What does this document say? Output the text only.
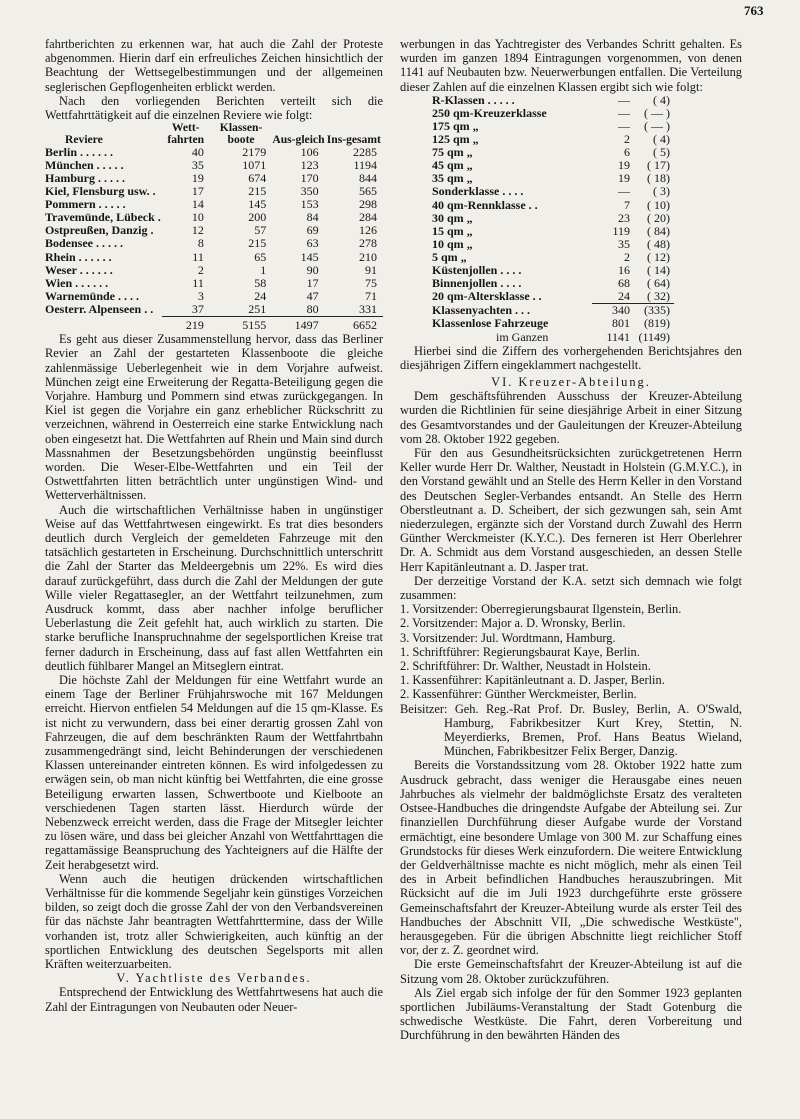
763

fahrtberichten zu erkennen war, hat auch die Zahl der Proteste abgenommen. Hierin darf ein erfreuliches Zeichen hinsichtlich der Beachtung der Wettsegelbestimmungen und der allgemeinen seglerischen Gepflogenheiten erblickt werden.

Nach den vorliegenden Berichten verteilt sich die Wettfahrttätigkeit auf die einzelnen Reviere wie folgt:

Reviere	Wett-fahrten	Klassen-boote	Aus-gleich	Ins-gesamt
Berlin . . . . . .	40	2179	106	2285
München . . . . .	35	1071	123	1194
Hamburg . . . . .	19	674	170	844
Kiel, Flensburg usw. .	17	215	350	565
Pommern . . . . .	14	145	153	298
Travemünde, Lübeck .	10	200	84	284
Ostpreußen, Danzig .	12	57	69	126
Bodensee . . . . .	8	215	63	278
Rhein . . . . . .	11	65	145	210
Weser . . . . . .	2	1	90	91
Wien . . . . . .	11	58	17	75
Warnemünde . . . .	3	24	47	71
Oesterr. Alpenseen . .	37	251	80	331
	219	5155	1497	6652

Es geht aus dieser Zusammenstellung hervor, dass das Berliner Revier an Zahl der gestarteten Klassenboote die gleiche zahlenmässige Ueberlegenheit wie in dem Vorjahre aufweist. München zeigt eine Erweiterung der Regatta-Beteiligung gegen die Vorjahre. Hamburg und Pommern sind etwas zurückgegangen. In Kiel ist gegen die Vorjahre ein ganz erheblicher Rückschritt zu verzeichnen, während in Oesterreich eine starke Entwicklung nach oben eingesetzt hat. Die Wettfahrten auf Rhein und Main sind durch Massnahmen der Besetzungsbehörden ungünstig beeinflusst worden. Die Weser-Elbe-Wettfahrten und ein Teil der Ostwettfahrten litten beträchtlich unter ungünstigen Wind- und Wetterverhältnissen.

Auch die wirtschaftlichen Verhältnisse haben in ungünstiger Weise auf das Wettfahrtwesen eingewirkt. Es trat dies besonders deutlich durch Vergleich der gemeldeten Fahrzeuge mit den tatsächlich gestarteten in Erscheinung. Durchschnittlich unterschritt die Zahl der Starter das Meldeergebnis um 22%. Es wird dies darauf zurückgeführt, dass durch die Zahl der Meldungen der gute Wille vieler Regattasegler, an der Wettfahrt teilzunehmen, zum Ausdruck kommt, dass aber nachher infolge beruflicher Ueberlastung die Zeit gefehlt hat, auch wirklich zu starten. Die starke berufliche Inanspruchnahme der segelsportlichen Kreise trat ferner dadurch in Erscheinung, dass auf fast allen Wettfahrten ein deutlich fühlbarer Mangel an Mitseglern eintrat.

Die höchste Zahl der Meldungen für eine Wettfahrt wurde an einem Tage der Berliner Frühjahrswoche mit 167 Meldungen erreicht. Hiervon entfielen 54 Meldungen auf die 15 qm-Klasse. Es ist nicht zu verwundern, dass bei einer derartig grossen Zahl von Fahrzeugen, die auf dem beschränkten Raum der Wettfahrtbahn zusammengedrängt sind, leicht Behinderungen der verschiedenen Klassen untereinander eintreten können. Es wird infolgedessen zu erwägen sein, ob man nicht künftig bei Wettfahrten, die eine grosse Beteiligung erwarten lassen, Schwertboote und Kielboote an verschiedenen Tagen starten lässt. Hierdurch würde der Nebenzweck erreicht werden, dass die Frage der Mitsegler leichter zu lösen wäre, und dass bei gleicher Anzahl von Wettfahrttagen die regattamässige Beanspruchung des Yachteigners auf die Hälfte der Zeit herabgesetzt wird.

Wenn auch die heutigen drückenden wirtschaftlichen Verhältnisse für die kommende Segeljahr kein günstiges Vorzeichen bilden, so zeigt doch die grosse Zahl der von den Verbandsvereinen für das nächste Jahr beantragten Wettfahrttermine, dass der Wille vorhanden ist, trotz aller Schwierigkeiten, auch künftig an der sportlichen Entwicklung des deutschen Segelsports mit allen Kräften weiterzuarbeiten.

V. Yachtliste des Verbandes.

Entsprechend der Entwicklung des Wettfahrtwesens hat auch die Zahl der Eintragungen von Neubauten oder Neuer-

werbungen in das Yachtregister des Verbandes Schritt gehalten. Es wurden im ganzen 1894 Eintragungen vorgenommen, von denen 1141 auf Neubauten bzw. Neuerwerbungen entfallen. Die Verteilung dieser Zahlen auf die einzelnen Klassen ergibt sich wie folgt:

R-Klassen . . . . .	—	( 4)
250 qm-Kreuzerklasse	—	( — )
175 qm „	—	( — )
125 qm „	2	( 4)
75 qm „	6	( 5)
45 qm „	19	( 17)
35 qm „	19	( 18)
Sonderklasse . . . .	—	( 3)
40 qm-Rennklasse . .	7	( 10)
30 qm „	23	( 20)
15 qm „	119	( 84)
10 qm „	35	( 48)
5 qm „	2	( 12)
Küstenjollen . . . .	16	( 14)
Binnenjollen . . . .	68	( 64)
20 qm-Altersklasse . .	24	( 32)
Klassenyachten . . .	340	(335)
Klassenlose Fahrzeuge	801	(819)
im Ganzen	1141	(1149)

Hierbei sind die Ziffern des vorhergehenden Berichtsjahres den diesjährigen Ziffern eingeklammert nachgestellt.

VI. Kreuzer-Abteilung.

Dem geschäftsführenden Ausschuss der Kreuzer-Abteilung wurden die Richtlinien für seine diesjährige Arbeit in einer Sitzung des Gesamtvorstandes und der Gauleitungen der Kreuzer-Abteilung vom 28. Oktober 1922 gegeben.

Für den aus Gesundheitsrücksichten zurückgetretenen Herrn Keller wurde Herr Dr. Walther, Neustadt in Holstein (G.M.Y.C.), in den Vorstand gewählt und an Stelle des Herrn Keller in den Vorstand des Deutschen Segler-Verbandes entsandt. An Stelle des Herrn Oberstleutnant a. D. Scheibert, der sich gezwungen sah, sein Amt niederzulegen, ergänzte sich der Vorstand durch Zuwahl des Herrn Günther Werckmeister (K.Y.C.). Des ferneren ist Herr Oberlehrer Dr. A. Schmidt aus dem Vorstand ausgeschieden, an dessen Stelle Herr Kapitänleutnant a. D. Jasper trat.

Der derzeitige Vorstand der K.A. setzt sich demnach wie folgt zusammen:

1. Vorsitzender: Oberregierungsbaurat Ilgenstein, Berlin.
2. Vorsitzender: Major a. D. Wronsky, Berlin.
3. Vorsitzender: Jul. Wordtmann, Hamburg.
1. Schriftführer: Regierungsbaurat Kaye, Berlin.
2. Schriftführer: Dr. Walther, Neustadt in Holstein.
1. Kassenführer: Kapitänleutnant a. D. Jasper, Berlin.
2. Kassenführer: Günther Werckmeister, Berlin.

Beisitzer: Geh. Reg.-Rat Prof. Dr. Busley, Berlin, A. O'Swald, Hamburg, Fabrikbesitzer Kurt Krey, Stettin, N. Meyerdierks, Bremen, Prof. Hans Beatus Wieland, München, Fabrikbesitzer Felix Berger, Danzig.

Bereits die Vorstandssitzung vom 28. Oktober 1922 hatte zum Ausdruck gebracht, dass weniger die Herausgabe eines neuen Jahrbuches als vielmehr der baldmöglichste Ersatz des veralteten Ostsee-Handbuches die dringendste Aufgabe der Abteilung sei. Zur finanziellen Durchführung dieser Aufgabe wurde der Vorstand ermächtigt, eine besondere Umlage von 300 M. zur Schaffung eines Grundstocks für dieses Werk einzufordern. Die weitere Entwicklung der Geldverhältnisse machte es nicht möglich, mehr als einen Teil des in Arbeit befindlichen Handbuches herauszubringen. Mit Rücksicht auf die im Juli 1923 durchgeführte erste grössere Gemeinschaftsfahrt der Kreuzer-Abteilung wurde als erster Teil des Handbuches der Abschnitt VII, „Die schwedische Westküste", herausgegeben. Für die übrigen Abschnitte liegt reichlicher Stoff vor, der z. Z. geordnet wird.

Die erste Gemeinschaftsfahrt der Kreuzer-Abteilung ist auf die Sitzung vom 28. Oktober zurückzuführen.

Als Ziel ergab sich infolge der für den Sommer 1923 geplanten sportlichen Jubiläums-Veranstaltung der Stadt Gotenburg die schwedische Westküste. Die Fahrt, deren Vorbereitung und Durchführung in den bewährten Händen des
